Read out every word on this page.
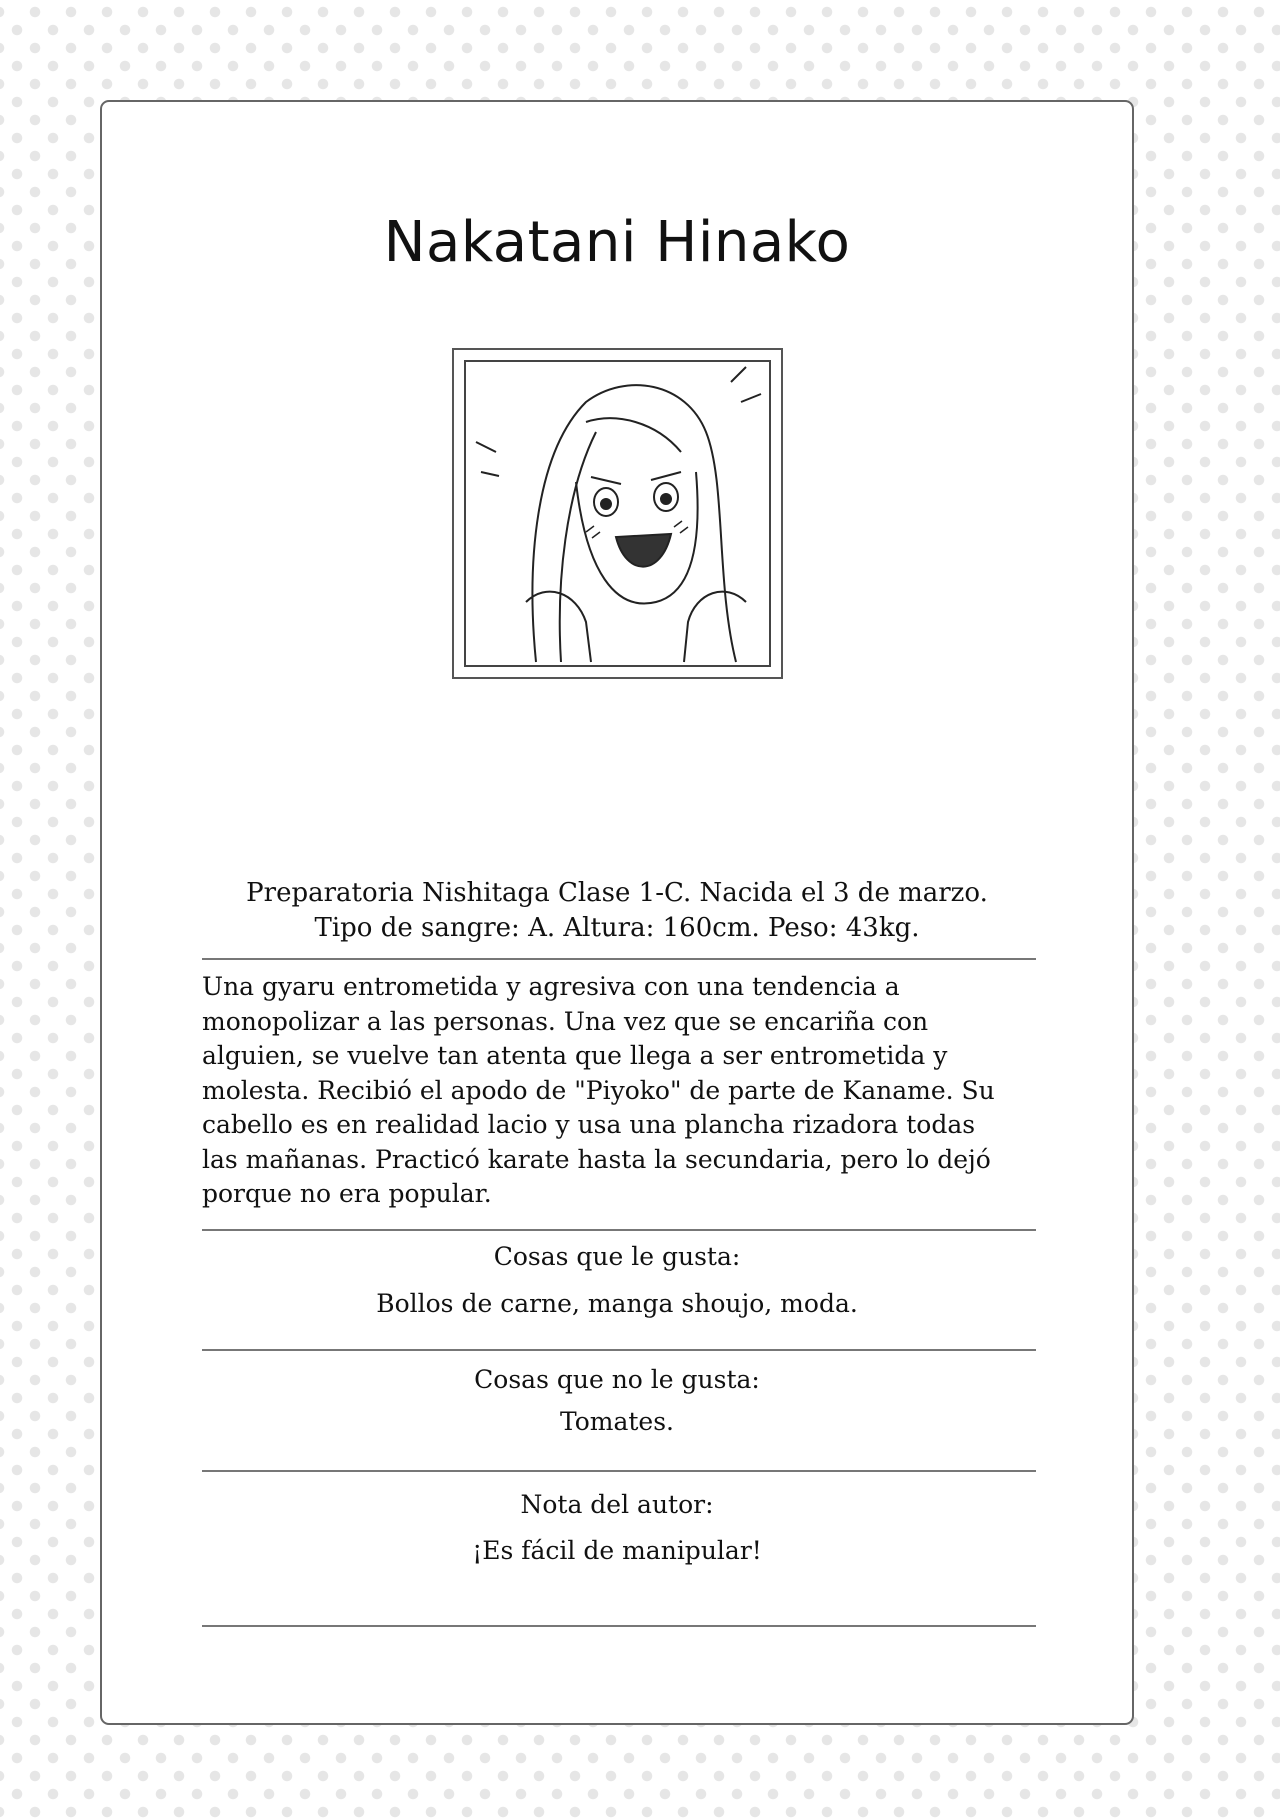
Nakatani Hinako
Preparatoria Nishitaga Clase 1-C. Nacida el 3 de marzo.
Tipo de sangre: A. Altura: 160cm. Peso: 43kg.
Una gyaru entrometida y agresiva con una tendencia a
monopolizar a las personas. Una vez que se encariña con
alguien, se vuelve tan atenta que llega a ser entrometida y
molesta. Recibió el apodo de "Piyoko" de parte de Kaname. Su
cabello es en realidad lacio y usa una plancha rizadora todas
las mañanas. Practicó karate hasta la secundaria, pero lo dejó
porque no era popular.
Cosas que le gusta:
Bollos de carne, manga shoujo, moda.
Cosas que no le gusta:
Tomates.
Nota del autor:
¡Es fácil de manipular!
